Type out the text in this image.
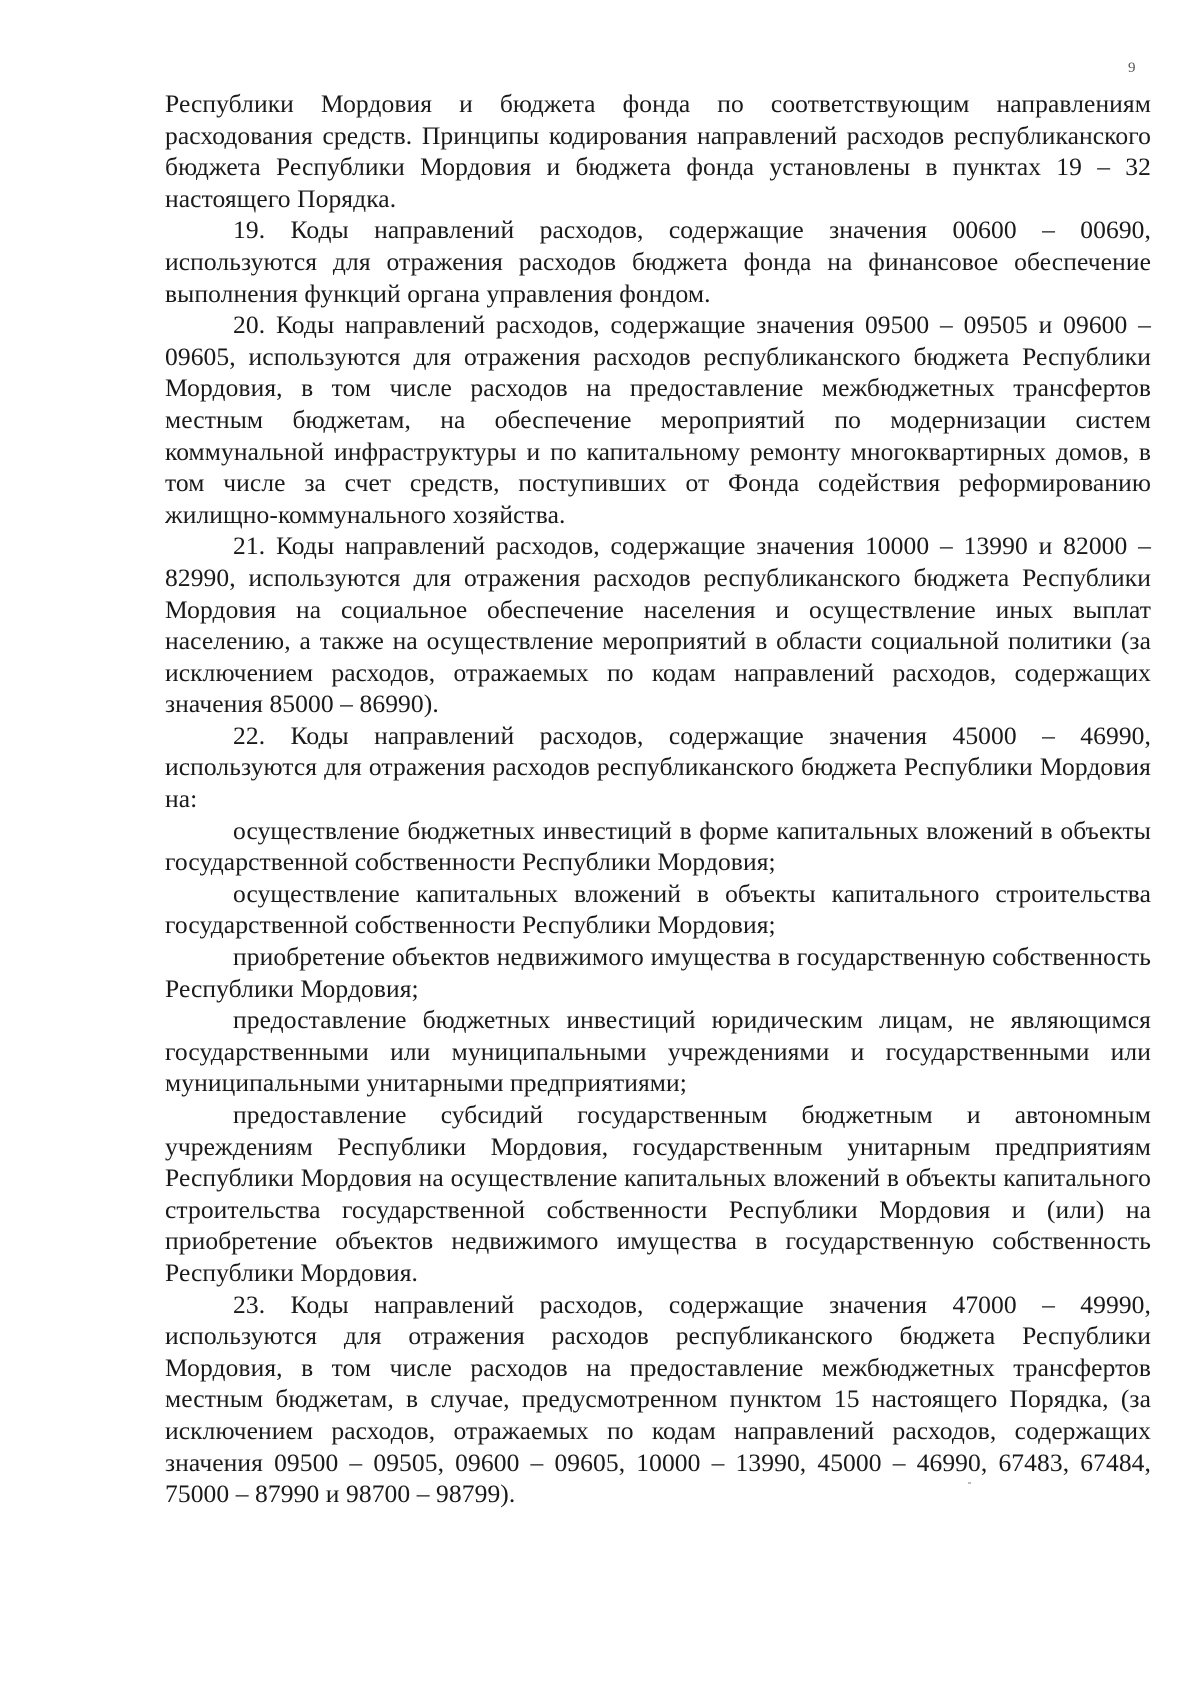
9

Республики Мордовия и бюджета фонда по соответствующим направлениям расходования средств. Принципы кодирования направлений расходов республиканского бюджета Республики Мордовия и бюджета фонда установлены в пунктах 19 – 32 настоящего Порядка.

19. Коды направлений расходов, содержащие значения 00600 – 00690, используются для отражения расходов бюджета фонда на финансовое обеспечение выполнения функций органа управления фондом.

20. Коды направлений расходов, содержащие значения 09500 – 09505 и 09600 – 09605, используются для отражения расходов республиканского бюджета Республики Мордовия, в том числе расходов на предоставление межбюджетных трансфертов местным бюджетам, на обеспечение мероприятий по модернизации систем коммунальной инфраструктуры и по капитальному ремонту многоквартирных домов, в том числе за счет средств, поступивших от Фонда содействия реформированию жилищно-коммунального хозяйства.

21. Коды направлений расходов, содержащие значения 10000 – 13990 и 82000 – 82990, используются для отражения расходов республиканского бюджета Республики Мордовия на социальное обеспечение населения и осуществление иных выплат населению, а также на осуществление мероприятий в области социальной политики (за исключением расходов, отражаемых по кодам направлений расходов, содержащих значения 85000 – 86990).

22. Коды направлений расходов, содержащие значения 45000 – 46990, используются для отражения расходов республиканского бюджета Республики Мордовия на:

осуществление бюджетных инвестиций в форме капитальных вложений в объекты государственной собственности Республики Мордовия;

осуществление капитальных вложений в объекты капитального строительства государственной собственности Республики Мордовия;

приобретение объектов недвижимого имущества в государственную собственность Республики Мордовия;

предоставление бюджетных инвестиций юридическим лицам, не являющимся государственными или муниципальными учреждениями и государственными или муниципальными унитарными предприятиями;

предоставление субсидий государственным бюджетным и автономным учреждениям Республики Мордовия, государственным унитарным предприятиям Республики Мордовия на осуществление капитальных вложений в объекты капитального строительства государственной собственности Республики Мордовия и (или) на приобретение объектов недвижимого имущества в государственную собственность Республики Мордовия.

23. Коды направлений расходов, содержащие значения 47000 – 49990, используются для отражения расходов республиканского бюджета Республики Мордовия, в том числе расходов на предоставление межбюджетных трансфертов местным бюджетам, в случае, предусмотренном пунктом 15 настоящего Порядка, (за исключением расходов, отражаемых по кодам направлений расходов, содержащих значения 09500 – 09505, 09600 – 09605, 10000 – 13990, 45000 – 46990, 67483, 67484, 75000 – 87990 и 98700 – 98799).
